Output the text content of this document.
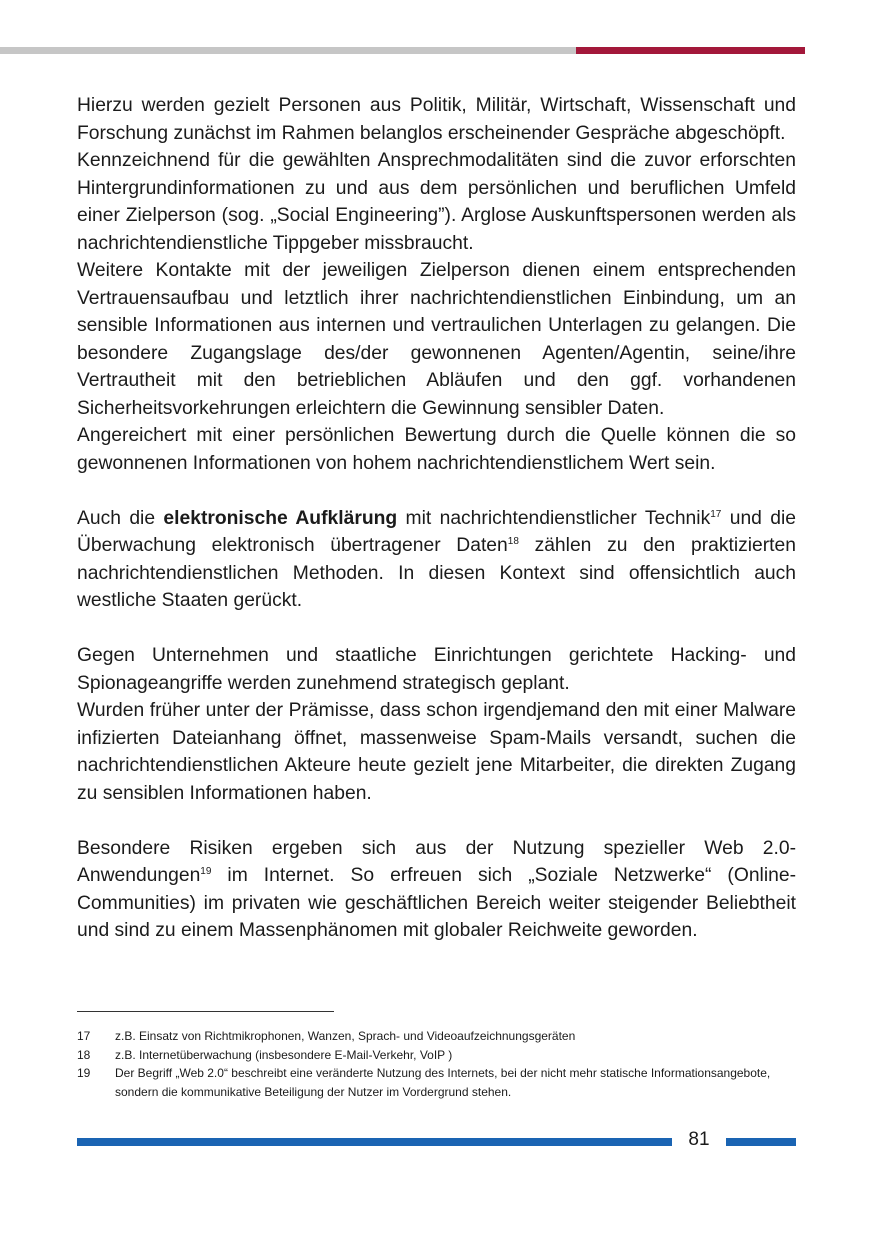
Hierzu werden gezielt Personen aus Politik, Militär, Wirtschaft, Wissenschaft und Forschung zunächst im Rahmen belanglos erscheinender Gespräche abgeschöpft.

Kennzeichnend für die gewählten Ansprechmodalitäten sind die zuvor erforschten Hintergrundinformationen zu und aus dem persönlichen und beruflichen Umfeld einer Zielperson (sog. „Social Engineering”). Arglose Auskunftspersonen werden als nachrichtendienstliche Tippgeber missbraucht.

Weitere Kontakte mit der jeweiligen Zielperson dienen einem entsprechenden Vertrauensaufbau und letztlich ihrer nachrichtendienstlichen Einbindung, um an sensible Informationen aus internen und vertraulichen Unterlagen zu gelangen. Die besondere Zugangslage des/der gewonnenen Agenten/Agentin, seine/ihre Vertrautheit mit den betrieblichen Abläufen und den ggf. vorhandenen Sicherheitsvorkehrungen erleichtern die Gewinnung sensibler Daten.

Angereichert mit einer persönlichen Bewertung durch die Quelle können die so gewonnenen Informationen von hohem nachrichtendienstlichem Wert sein.

Auch die elektronische Aufklärung mit nachrichtendienstlicher Technik$^{17}$ und die Überwachung elektronisch übertragener Daten$^{18}$ zählen zu den praktizierten nachrichtendienstlichen Methoden. In diesen Kontext sind offensichtlich auch westliche Staaten gerückt.

Gegen Unternehmen und staatliche Einrichtungen gerichtete Hacking- und Spionageangriffe werden zunehmend strategisch geplant.

Wurden früher unter der Prämisse, dass schon irgendjemand den mit einer Malware infizierten Dateianhang öffnet, massenweise Spam-Mails versandt, suchen die nachrichtendienstlichen Akteure heute gezielt jene Mitarbeiter, die direkten Zugang zu sensiblen Informationen haben.

Besondere Risiken ergeben sich aus der Nutzung spezieller Web 2.0-Anwendungen$^{19}$ im Internet. So erfreuen sich „Soziale Netzwerke“ (Online-Communities) im privaten wie geschäftlichen Bereich weiter steigender Beliebtheit und sind zu einem Massenphänomen mit globaler Reichweite geworden.

17	z.B. Einsatz von Richtmikrophonen, Wanzen, Sprach- und Videoaufzeichnungsgeräten
18	z.B. Internetüberwachung (insbesondere E-Mail-Verkehr, VoIP )
19	Der Begriff „Web 2.0“ beschreibt eine veränderte Nutzung des Internets, bei der nicht mehr statische Informationsangebote, sondern die kommunikative Beteiligung der Nutzer im Vordergrund stehen.
81
